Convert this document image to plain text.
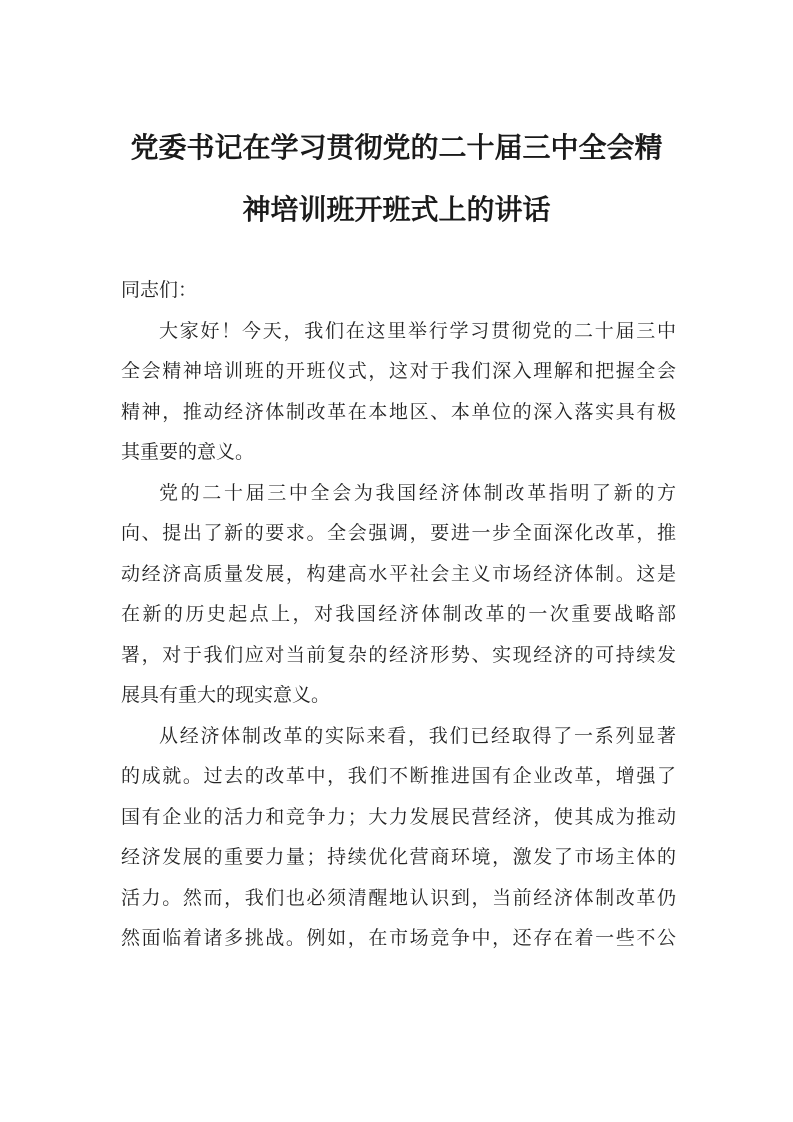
党委书记在学习贯彻党的二十届三中全会精
神培训班开班式上的讲话

同志们：

大家好！今天，我们在这里举行学习贯彻党的二十届三中
全会精神培训班的开班仪式，这对于我们深入理解和把握全会
精神，推动经济体制改革在本地区、本单位的深入落实具有极
其重要的意义。

党的二十届三中全会为我国经济体制改革指明了新的方
向、提出了新的要求。全会强调，要进一步全面深化改革，推
动经济高质量发展，构建高水平社会主义市场经济体制。这是
在新的历史起点上，对我国经济体制改革的一次重要战略部
署，对于我们应对当前复杂的经济形势、实现经济的可持续发
展具有重大的现实意义。

从经济体制改革的实际来看，我们已经取得了一系列显著
的成就。过去的改革中，我们不断推进国有企业改革，增强了
国有企业的活力和竞争力；大力发展民营经济，使其成为推动
经济发展的重要力量；持续优化营商环境，激发了市场主体的
活力。然而，我们也必须清醒地认识到，当前经济体制改革仍
然面临着诸多挑战。例如，在市场竞争中，还存在着一些不公
